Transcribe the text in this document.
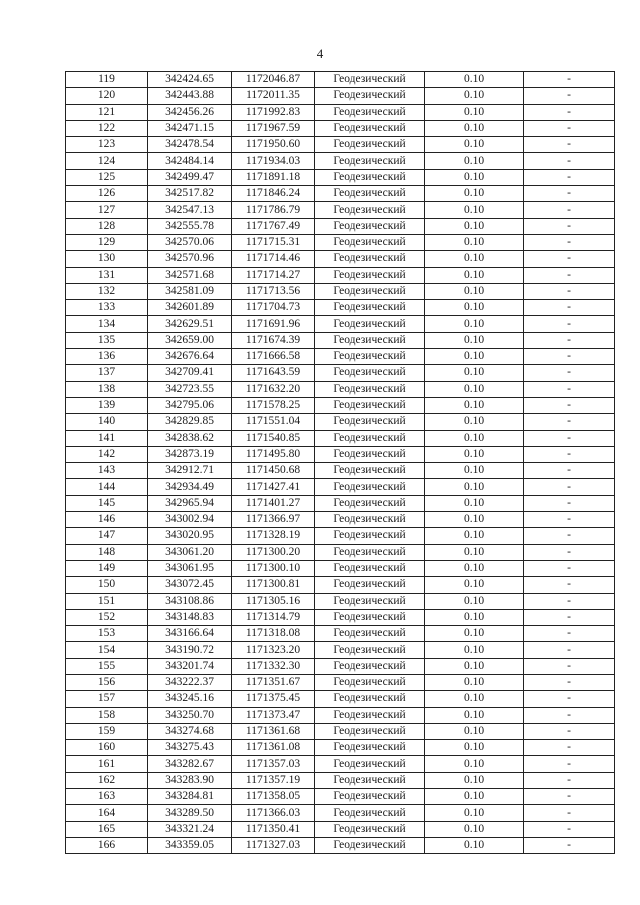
4
119	342424.65	1172046.87	Геодезический	0.10	-
120	342443.88	1172011.35	Геодезический	0.10	-
121	342456.26	1171992.83	Геодезический	0.10	-
122	342471.15	1171967.59	Геодезический	0.10	-
123	342478.54	1171950.60	Геодезический	0.10	-
124	342484.14	1171934.03	Геодезический	0.10	-
125	342499.47	1171891.18	Геодезический	0.10	-
126	342517.82	1171846.24	Геодезический	0.10	-
127	342547.13	1171786.79	Геодезический	0.10	-
128	342555.78	1171767.49	Геодезический	0.10	-
129	342570.06	1171715.31	Геодезический	0.10	-
130	342570.96	1171714.46	Геодезический	0.10	-
131	342571.68	1171714.27	Геодезический	0.10	-
132	342581.09	1171713.56	Геодезический	0.10	-
133	342601.89	1171704.73	Геодезический	0.10	-
134	342629.51	1171691.96	Геодезический	0.10	-
135	342659.00	1171674.39	Геодезический	0.10	-
136	342676.64	1171666.58	Геодезический	0.10	-
137	342709.41	1171643.59	Геодезический	0.10	-
138	342723.55	1171632.20	Геодезический	0.10	-
139	342795.06	1171578.25	Геодезический	0.10	-
140	342829.85	1171551.04	Геодезический	0.10	-
141	342838.62	1171540.85	Геодезический	0.10	-
142	342873.19	1171495.80	Геодезический	0.10	-
143	342912.71	1171450.68	Геодезический	0.10	-
144	342934.49	1171427.41	Геодезический	0.10	-
145	342965.94	1171401.27	Геодезический	0.10	-
146	343002.94	1171366.97	Геодезический	0.10	-
147	343020.95	1171328.19	Геодезический	0.10	-
148	343061.20	1171300.20	Геодезический	0.10	-
149	343061.95	1171300.10	Геодезический	0.10	-
150	343072.45	1171300.81	Геодезический	0.10	-
151	343108.86	1171305.16	Геодезический	0.10	-
152	343148.83	1171314.79	Геодезический	0.10	-
153	343166.64	1171318.08	Геодезический	0.10	-
154	343190.72	1171323.20	Геодезический	0.10	-
155	343201.74	1171332.30	Геодезический	0.10	-
156	343222.37	1171351.67	Геодезический	0.10	-
157	343245.16	1171375.45	Геодезический	0.10	-
158	343250.70	1171373.47	Геодезический	0.10	-
159	343274.68	1171361.68	Геодезический	0.10	-
160	343275.43	1171361.08	Геодезический	0.10	-
161	343282.67	1171357.03	Геодезический	0.10	-
162	343283.90	1171357.19	Геодезический	0.10	-
163	343284.81	1171358.05	Геодезический	0.10	-
164	343289.50	1171366.03	Геодезический	0.10	-
165	343321.24	1171350.41	Геодезический	0.10	-
166	343359.05	1171327.03	Геодезический	0.10	-
